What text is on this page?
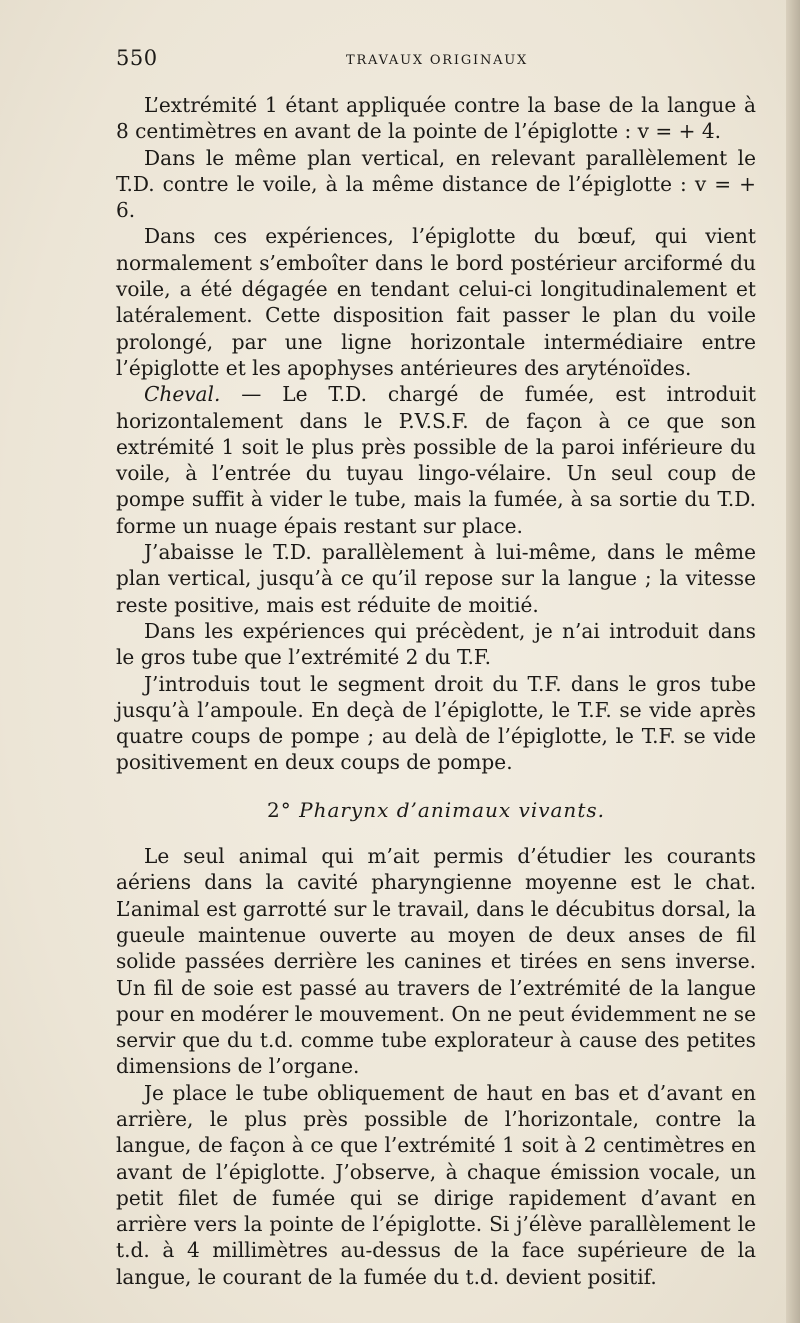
550	TRAVAUX ORIGINAUX

L’extrémité 1 étant appliquée contre la base de la langue à 8 centimètres en avant de la pointe de l’épiglotte : v = + 4.

Dans le même plan vertical, en relevant parallèlement le T.D. contre le voile, à la même distance de l’épiglotte : v = + 6.

Dans ces expériences, l’épiglotte du bœuf, qui vient normalement s’emboîter dans le bord postérieur arciformé du voile, a été dégagée en tendant celui-ci longitudinalement et latéralement. Cette disposition fait passer le plan du voile prolongé, par une ligne horizontale intermédiaire entre l’épiglotte et les apophyses antérieures des aryténoïdes.

Cheval. — Le T.D. chargé de fumée, est introduit horizontalement dans le P.V.S.F. de façon à ce que son extrémité 1 soit le plus près possible de la paroi inférieure du voile, à l’entrée du tuyau lingo-vélaire. Un seul coup de pompe suffit à vider le tube, mais la fumée, à sa sortie du T.D. forme un nuage épais restant sur place.

J’abaisse le T.D. parallèlement à lui-même, dans le même plan vertical, jusqu’à ce qu’il repose sur la langue ; la vitesse reste positive, mais est réduite de moitié.

Dans les expériences qui précèdent, je n’ai introduit dans le gros tube que l’extrémité 2 du T.F.

J’introduis tout le segment droit du T.F. dans le gros tube jusqu’à l’ampoule. En deçà de l’épiglotte, le T.F. se vide après quatre coups de pompe ; au delà de l’épiglotte, le T.F. se vide positivement en deux coups de pompe.

2° Pharynx d’animaux vivants.

Le seul animal qui m’ait permis d’étudier les courants aériens dans la cavité pharyngienne moyenne est le chat. L’animal est garrotté sur le travail, dans le décubitus dorsal, la gueule maintenue ouverte au moyen de deux anses de fil solide passées derrière les canines et tirées en sens inverse. Un fil de soie est passé au travers de l’extrémité de la langue pour en modérer le mouvement. On ne peut évidemment ne se servir que du t.d. comme tube explorateur à cause des petites dimensions de l’organe.

Je place le tube obliquement de haut en bas et d’avant en arrière, le plus près possible de l’horizontale, contre la langue, de façon à ce que l’extrémité 1 soit à 2 centimètres en avant de l’épiglotte. J’observe, à chaque émission vocale, un petit filet de fumée qui se dirige rapidement d’avant en arrière vers la pointe de l’épiglotte. Si j’élève parallèlement le t.d. à 4 millimètres au-dessus de la face supérieure de la langue, le courant de la fumée du t.d. devient positif.
